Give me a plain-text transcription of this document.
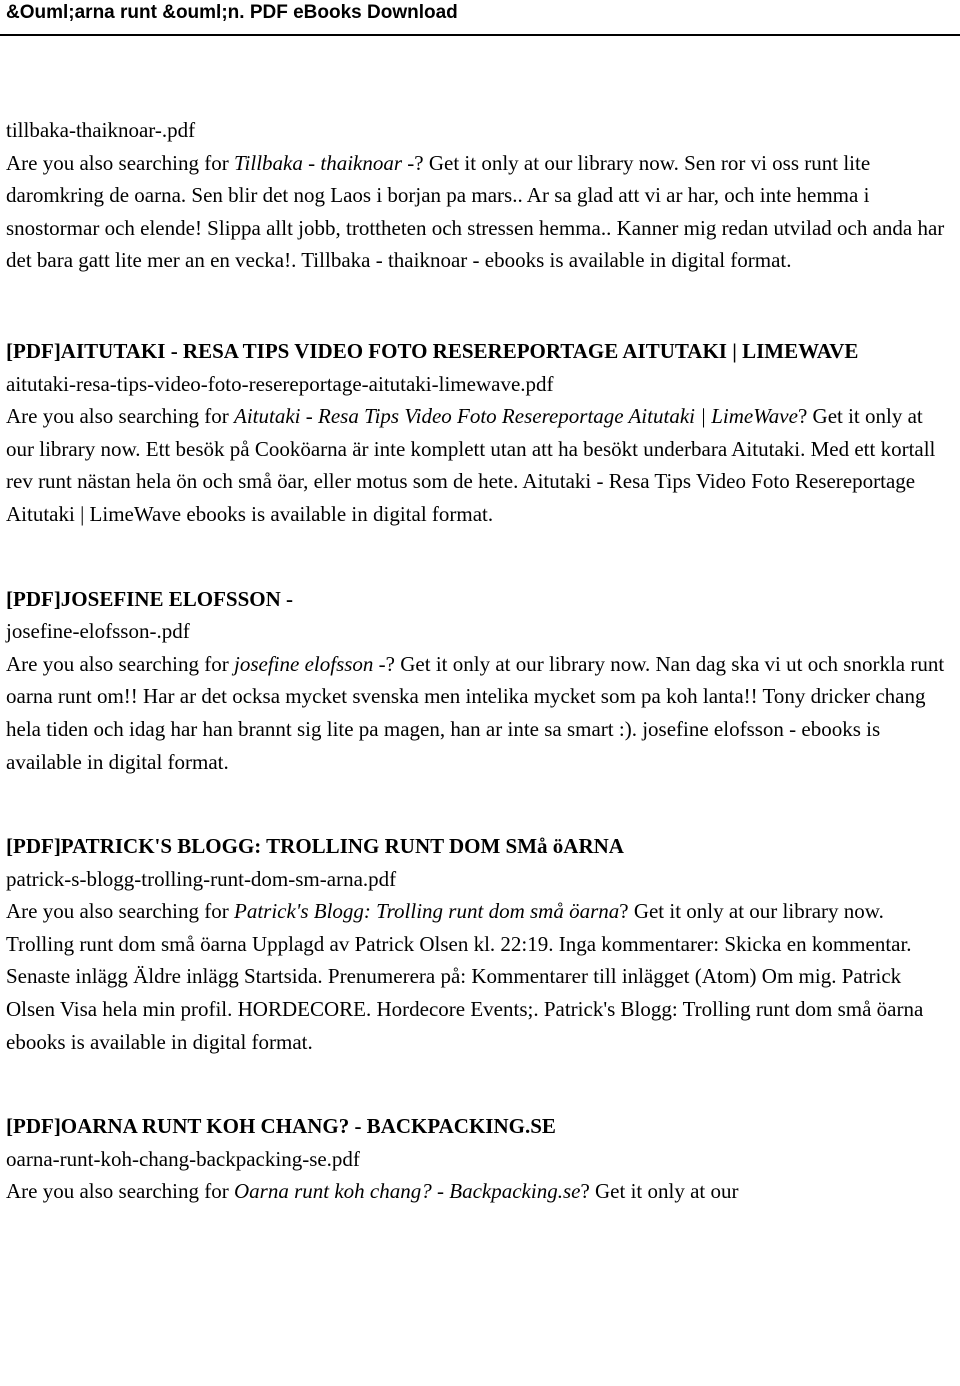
&Ouml;arna runt &ouml;n. PDF eBooks Download
tillbaka-thaiknoar-.pdf

Are you also searching for Tillbaka - thaiknoar -? Get it only at our library now. Sen ror vi oss runt lite daromkring de oarna. Sen blir det nog Laos i borjan pa mars.. Ar sa glad att vi ar har, och inte hemma i snostormar och elende! Slippa allt jobb, trottheten och stressen hemma.. Kanner mig redan utvilad och anda har det bara gatt lite mer an en vecka!. Tillbaka - thaiknoar - ebooks is available in digital format.

[PDF]AITUTAKI - RESA TIPS VIDEO FOTO RESEREPORTAGE AITUTAKI | LIMEWAVE
aitutaki-resa-tips-video-foto-resereportage-aitutaki-limewave.pdf

Are you also searching for Aitutaki - Resa Tips Video Foto Resereportage Aitutaki | LimeWave? Get it only at our library now. Ett besök på Cooköarna är inte komplett utan att ha besökt underbara Aitutaki. Med ett kortall rev runt nästan hela ön och små öar, eller motus som de hete. Aitutaki - Resa Tips Video Foto Resereportage Aitutaki | LimeWave ebooks is available in digital format.

[PDF]JOSEFINE ELOFSSON -
josefine-elofsson-.pdf

Are you also searching for josefine elofsson -? Get it only at our library now. Nan dag ska vi ut och snorkla runt oarna runt om!! Har ar det ocksa mycket svenska men intelika mycket som pa koh lanta!! Tony dricker chang hela tiden och idag har han brannt sig lite pa magen, han ar inte sa smart :). josefine elofsson - ebooks is available in digital format.

[PDF]PATRICK'S BLOGG: TROLLING RUNT DOM SMå öARNA
patrick-s-blogg-trolling-runt-dom-sm-arna.pdf

Are you also searching for Patrick's Blogg: Trolling runt dom små öarna? Get it only at our library now. Trolling runt dom små öarna Upplagd av Patrick Olsen kl. 22:19. Inga kommentarer: Skicka en kommentar. Senaste inlägg Äldre inlägg Startsida. Prenumerera på: Kommentarer till inlägget (Atom) Om mig. Patrick Olsen Visa hela min profil. HORDECORE. Hordecore Events;. Patrick's Blogg: Trolling runt dom små öarna ebooks is available in digital format.

[PDF]OARNA RUNT KOH CHANG? - BACKPACKING.SE
oarna-runt-koh-chang-backpacking-se.pdf

Are you also searching for Oarna runt koh chang? - Backpacking.se? Get it only at our
